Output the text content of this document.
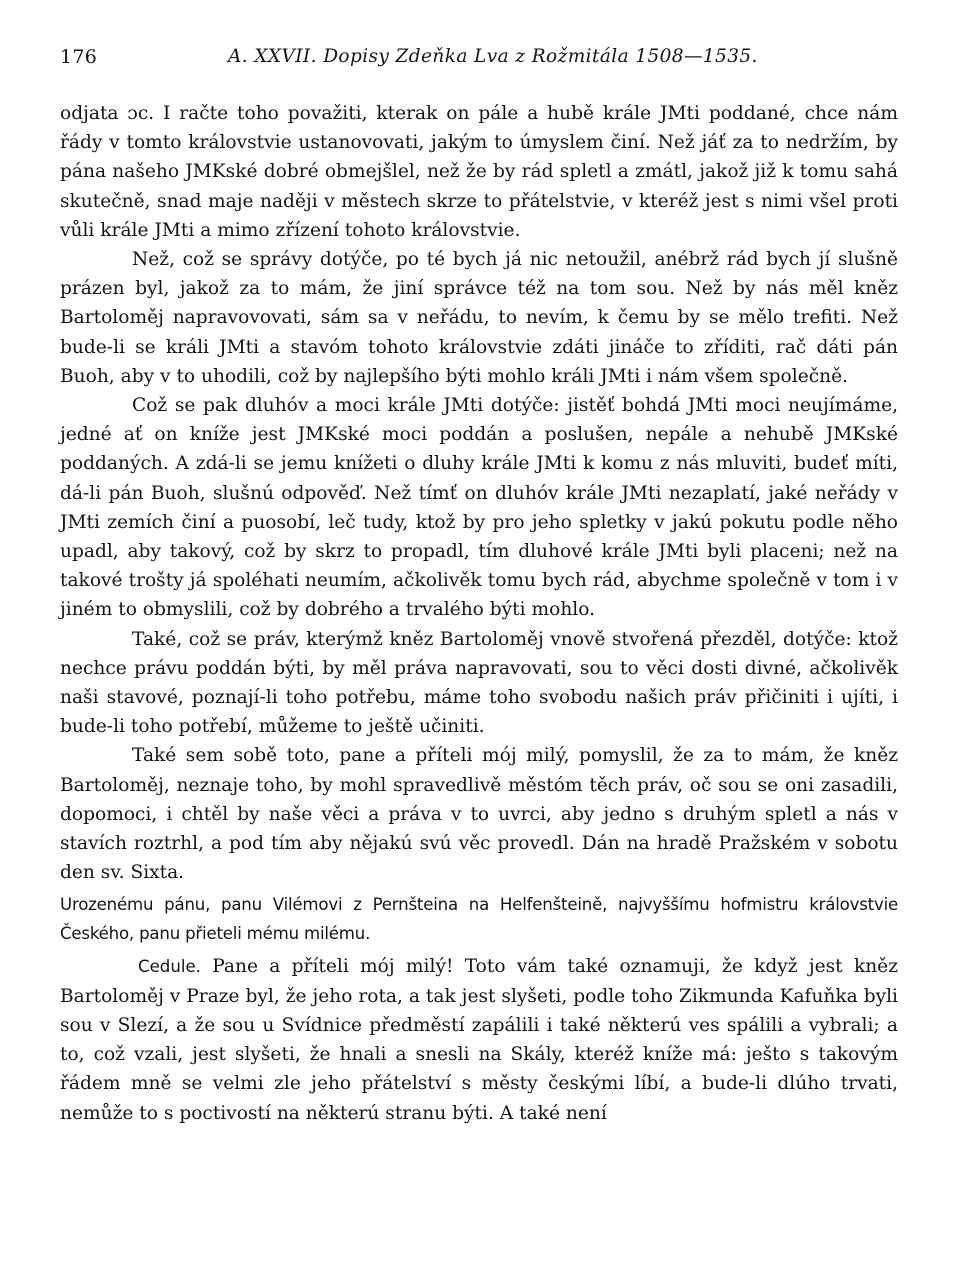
176	A. XXVII. Dopisy Zdeňka Lva z Rožmitála 1508—1535.

odjata ɔc. I račte toho považiti, kterak on pále a hubě krále JMti poddané, chce nám řády v tomto královstvie ustanovovati, jakým to úmyslem činí. Než jáť za to nedržím, by pána našeho JMKské dobré obmejšlel, než že by rád spletl a zmátl, jakož již k tomu sahá skutečně, snad maje naději v městech skrze to přátelstvie, v kteréž jest s nimi všel proti vůli krále JMti a mimo zřízení tohoto královstvie.

Než, což se správy dotýče, po té bych já nic netoužil, anébrž rád bych jí slušně prázen byl, jakož za to mám, že jiní správce též na tom sou. Než by nás měl kněz Bartoloměj napravovovati, sám sa v neřádu, to nevím, k čemu by se mělo trefiti. Než bude-li se králi JMti a stavóm tohoto královstvie zdáti jináče to zříditi, rač dáti pán Buoh, aby v to uhodili, což by najlepšího býti mohlo králi JMti i nám všem společně.

Což se pak dluhóv a moci krále JMti dotýče: jistěť bohdá JMti moci neujímáme, jedné ať on kníže jest JMKské moci poddán a poslušen, nepále a nehubě JMKské poddaných. A zdá-li se jemu knížeti o dluhy krále JMti k komu z nás mluviti, budeť míti, dá-li pán Buoh, slušnú odpověď. Než tímť on dluhóv krále JMti nezaplatí, jaké neřády v JMti zemích činí a puosobí, leč tudy, ktož by pro jeho spletky v jakú pokutu podle něho upadl, aby takový, což by skrz to propadl, tím dluhové krále JMti byli placeni; než na takové trošty já spoléhati neumím, ačkolivěk tomu bych rád, abychme společně v tom i v jiném to obmyslili, což by dobrého a trvalého býti mohlo.

Také, což se práv, kterýmž kněz Bartoloměj vnově stvořená přezděl, dotýče: ktož nechce právu poddán býti, by měl práva napravovati, sou to věci dosti divné, ačkolivěk naši stavové, poznají-li toho potřebu, máme toho svobodu našich práv přičiniti i ujíti, i bude-li toho potřebí, můžeme to ještě učiniti.

Také sem sobě toto, pane a příteli mój milý, pomyslil, že za to mám, že kněz Bartoloměj, neznaje toho, by mohl spravedlivě městóm těch práv, oč sou se oni zasadili, dopomoci, i chtěl by naše věci a práva v to uvrci, aby jedno s druhým spletl a nás v stavích roztrhl, a pod tím aby nějakú svú věc provedl. Dán na hradě Pražském v sobotu den sv. Sixta.

Urozenému pánu, panu Vilémovi z Pernšteina na Helfenšteině, najvyššímu hofmistru královstvie Českého, panu přieteli mému milému.

Cedule. Pane a příteli mój milý! Toto vám také oznamuji, že když jest kněz Bartoloměj v Praze byl, že jeho rota, a tak jest slyšeti, podle toho Zikmunda Kafuňka byli sou v Slezí, a že sou u Svídnice předměstí zapálili i také některú ves spálili a vybrali; a to, což vzali, jest slyšeti, že hnali a snesli na Skály, kteréž kníže má: ješto s takovým řádem mně se velmi zle jeho přátelství s městy českými líbí, a bude-li dlúho trvati, nemůže to s poctivostí na některú stranu býti. A také není
